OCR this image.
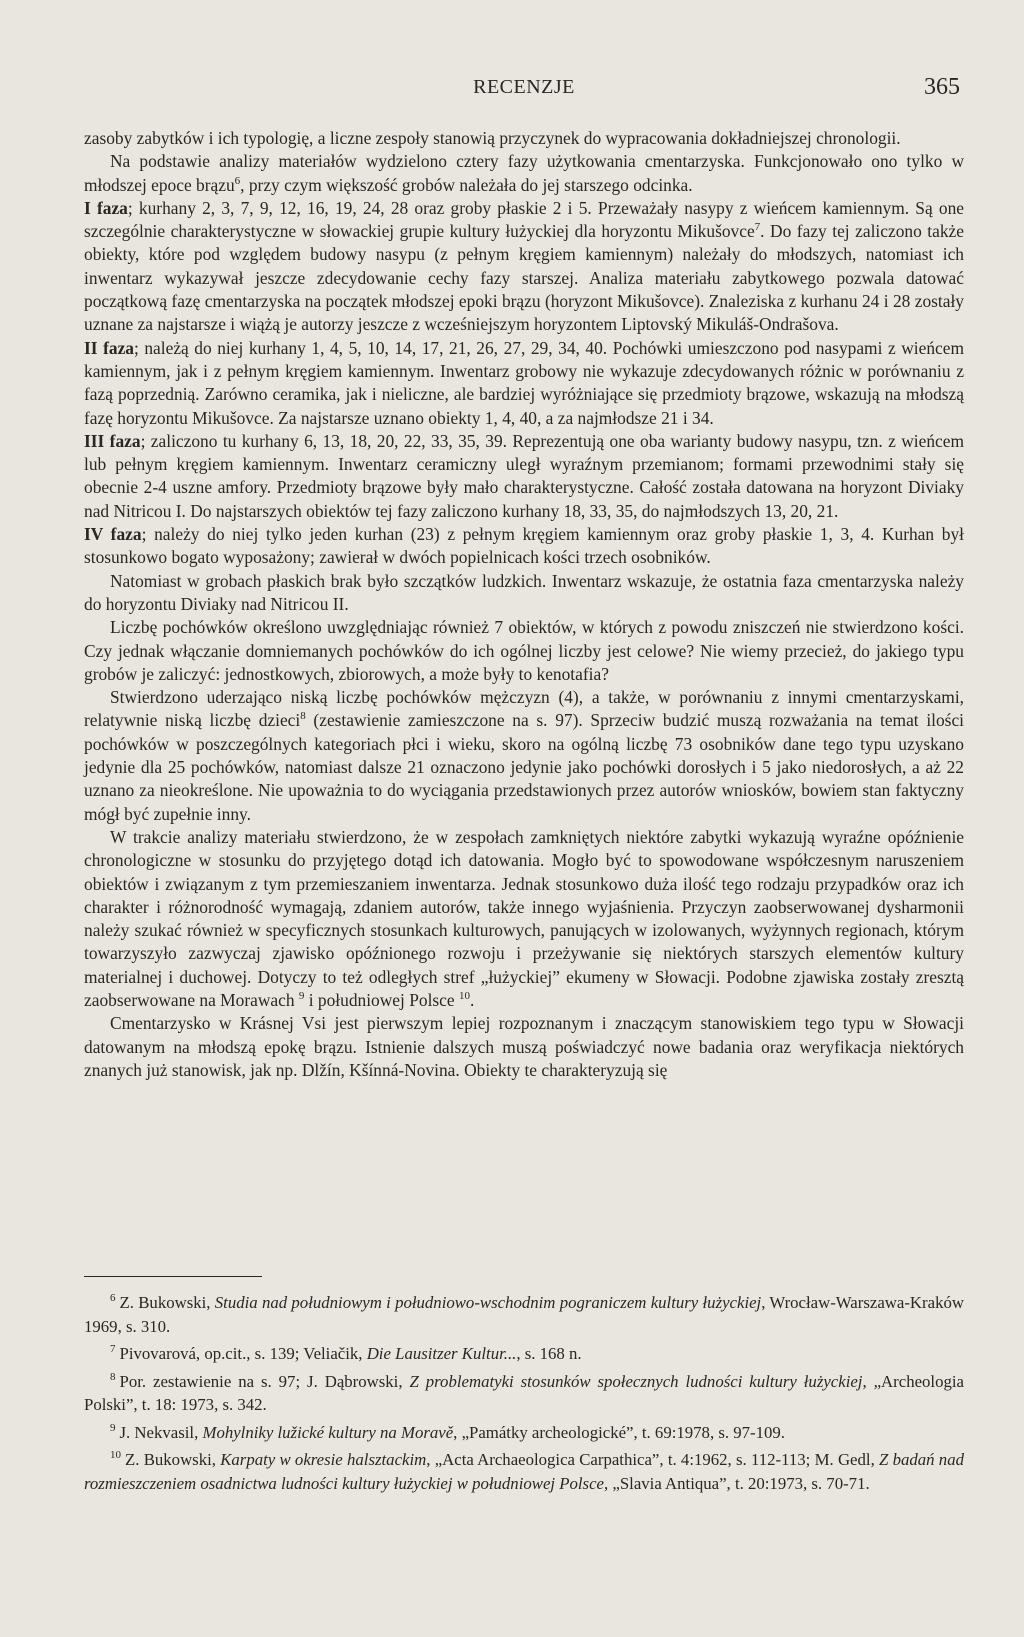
RECENZJE	365

zasoby zabytków i ich typologię, a liczne zespoły stanowią przyczynek do wypracowania dokładniejszej chronologii.

Na podstawie analizy materiałów wydzielono cztery fazy użytkowania cmentarzyska. Funkcjonowało ono tylko w młodszej epoce brązu$^6$, przy czym większość grobów należała do jej starszego odcinka.

I faza; kurhany 2, 3, 7, 9, 12, 16, 19, 24, 28 oraz groby płaskie 2 i 5. Przeważały nasypy z wieńcem kamiennym. Są one szczególnie charakterystyczne w słowackiej grupie kultury łużyckiej dla horyzontu Mikušovce$^7$. Do fazy tej zaliczono także obiekty, które pod względem budowy nasypu (z pełnym kręgiem kamiennym) należały do młodszych, natomiast ich inwentarz wykazywał jeszcze zdecydowanie cechy fazy starszej. Analiza materiału zabytkowego pozwala datować początkową fazę cmentarzyska na początek młodszej epoki brązu (horyzont Mikušovce). Znaleziska z kurhanu 24 i 28 zostały uznane za najstarsze i wiążą je autorzy jeszcze z wcześniejszym horyzontem Liptovský Mikuláš-Ondrašova.

II faza; należą do niej kurhany 1, 4, 5, 10, 14, 17, 21, 26, 27, 29, 34, 40. Pochówki umieszczono pod nasypami z wieńcem kamiennym, jak i z pełnym kręgiem kamiennym. Inwentarz grobowy nie wykazuje zdecydowanych różnic w porównaniu z fazą poprzednią. Zarówno ceramika, jak i nieliczne, ale bardziej wyróżniające się przedmioty brązowe, wskazują na młodszą fazę horyzontu Mikušovce. Za najstarsze uznano obiekty 1, 4, 40, a za najmłodsze 21 i 34.

III faza; zaliczono tu kurhany 6, 13, 18, 20, 22, 33, 35, 39. Reprezentują one oba warianty budowy nasypu, tzn. z wieńcem lub pełnym kręgiem kamiennym. Inwentarz ceramiczny uległ wyraźnym przemianom; formami przewodnimi stały się obecnie 2-4 uszne amfory. Przedmioty brązowe były mało charakterystyczne. Całość została datowana na horyzont Diviaky nad Nitricou I. Do najstarszych obiektów tej fazy zaliczono kurhany 18, 33, 35, do najmłodszych 13, 20, 21.

IV faza; należy do niej tylko jeden kurhan (23) z pełnym kręgiem kamiennym oraz groby płaskie 1, 3, 4. Kurhan był stosunkowo bogato wyposażony; zawierał w dwóch popielnicach kości trzech osobników.

Natomiast w grobach płaskich brak było szczątków ludzkich. Inwentarz wskazuje, że ostatnia faza cmentarzyska należy do horyzontu Diviaky nad Nitricou II.

Liczbę pochówków określono uwzględniając również 7 obiektów, w których z powodu zniszczeń nie stwierdzono kości. Czy jednak włączanie domniemanych pochówków do ich ogólnej liczby jest celowe? Nie wiemy przecież, do jakiego typu grobów je zaliczyć: jednostkowych, zbiorowych, a może były to kenotafia?

Stwierdzono uderzająco niską liczbę pochówków mężczyzn (4), a także, w porównaniu z innymi cmentarzyskami, relatywnie niską liczbę dzieci$^8$ (zestawienie zamieszczone na s. 97). Sprzeciw budzić muszą rozważania na temat ilości pochówków w poszczególnych kategoriach płci i wieku, skoro na ogólną liczbę 73 osobników dane tego typu uzyskano jedynie dla 25 pochówków, natomiast dalsze 21 oznaczono jedynie jako pochówki dorosłych i 5 jako niedorosłych, a aż 22 uznano za nieokreślone. Nie upoważnia to do wyciągania przedstawionych przez autorów wniosków, bowiem stan faktyczny mógł być zupełnie inny.

W trakcie analizy materiału stwierdzono, że w zespołach zamkniętych niektóre zabytki wykazują wyraźne opóźnienie chronologiczne w stosunku do przyjętego dotąd ich datowania. Mogło być to spowodowane współczesnym naruszeniem obiektów i związanym z tym przemieszaniem inwentarza. Jednak stosunkowo duża ilość tego rodzaju przypadków oraz ich charakter i różnorodność wymagają, zdaniem autorów, także innego wyjaśnienia. Przyczyn zaobserwowanej dysharmonii należy szukać również w specyficznych stosunkach kulturowych, panujących w izolowanych, wyżynnych regionach, którym towarzyszyło zazwyczaj zjawisko opóźnionego rozwoju i przeżywanie się niektórych starszych elementów kultury materialnej i duchowej. Dotyczy to też odległych stref „łużyckiej” ekumeny w Słowacji. Podobne zjawiska zostały zresztą zaobserwowane na Morawach $^9$ i południowej Polsce $^{10}$.

Cmentarzysko w Krásnej Vsi jest pierwszym lepiej rozpoznanym i znaczącym stanowiskiem tego typu w Słowacji datowanym na młodszą epokę brązu. Istnienie dalszych muszą poświadczyć nowe badania oraz weryfikacja niektórych znanych już stanowisk, jak np. Dlžín, Kšínná-Novina. Obiekty te charakteryzują się

$^6$ Z. Bukowski, Studia nad południowym i południowo-wschodnim pograniczem kultury łużyckiej, Wrocław-Warszawa-Kraków 1969, s. 310.

$^7$ Pivovarová, op.cit., s. 139; Veliačik, Die Lausitzer Kultur..., s. 168 n.

$^8$ Por. zestawienie na s. 97; J. Dąbrowski, Z problematyki stosunków społecznych ludności kultury łużyckiej, „Archeologia Polski”, t. 18: 1973, s. 342.

$^9$ J. Nekvasil, Mohylniky lužické kultury na Moravě, „Památky archeologické”, t. 69:1978, s. 97-109.

$^{10}$ Z. Bukowski, Karpaty w okresie halsztackim, „Acta Archaeologica Carpathica”, t. 4:1962, s. 112-113; M. Gedl, Z badań nad rozmieszczeniem osadnictwa ludności kultury łużyckiej w południowej Polsce, „Slavia Antiqua”, t. 20:1973, s. 70-71.
